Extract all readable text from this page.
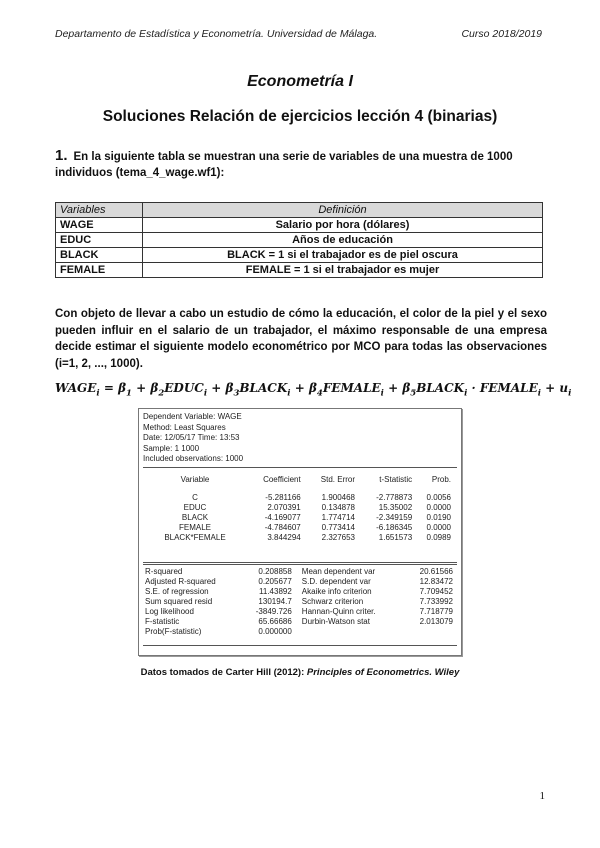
Departamento de Estadística y Econometría. Universidad de Málaga.	Curso 2018/2019
Econometría I
Soluciones Relación de ejercicios lección 4 (binarias)
1. En la siguiente tabla se muestran una serie de variables de una muestra de 1000 individuos (tema_4_wage.wf1):
Variables	Definición
WAGE	Salario por hora (dólares)
EDUC	Años de educación
BLACK	BLACK = 1 si el trabajador es de piel oscura
FEMALE	FEMALE = 1 si el trabajador es mujer
Con objeto de llevar a cabo un estudio de cómo la educación, el color de la piel y el sexo pueden influir en el salario de un trabajador, el máximo responsable de una empresa decide estimar el siguiente modelo econométrico por MCO para todas las observaciones (i=1, 2, ..., 1000).
$WAGE_i = \beta_1$ + $\beta_2EDUC_i$ + $\beta_3BLACK_i$ + $\beta_4FEMALE_i$ + $\beta_5BLACK_i$ · $FEMALE_i + u_i$
Dependent Variable: WAGE
Method: Least Squares
Date: 12/05/17 Time: 13:53
Sample: 1 1000
Included observations: 1000
Variable	Coefficient	Std. Error	t-Statistic	Prob.
C	-5.281166	1.900468	-2.778873	0.0056
EDUC	2.070391	0.134878	15.35002	0.0000
BLACK	-4.169077	1.774714	-2.349159	0.0190
FEMALE	-4.784607	0.773414	-6.186345	0.0000
BLACK*FEMALE	3.844294	2.327653	1.651573	0.0989
R-squared	0.208858	Mean dependent var	20.61566
Adjusted R-squared	0.205677	S.D. dependent var	12.83472
S.E. of regression	11.43892	Akaike info criterion	7.709452
Sum squared resid	130194.7	Schwarz criterion	7.733992
Log likelihood	-3849.726	Hannan-Quinn criter.	7.718779
F-statistic	65.66686	Durbin-Watson stat	2.013079
Prob(F-statistic)	0.000000		
Datos tomados de Carter Hill (2012): Principles of Econometrics. Wiley
1
